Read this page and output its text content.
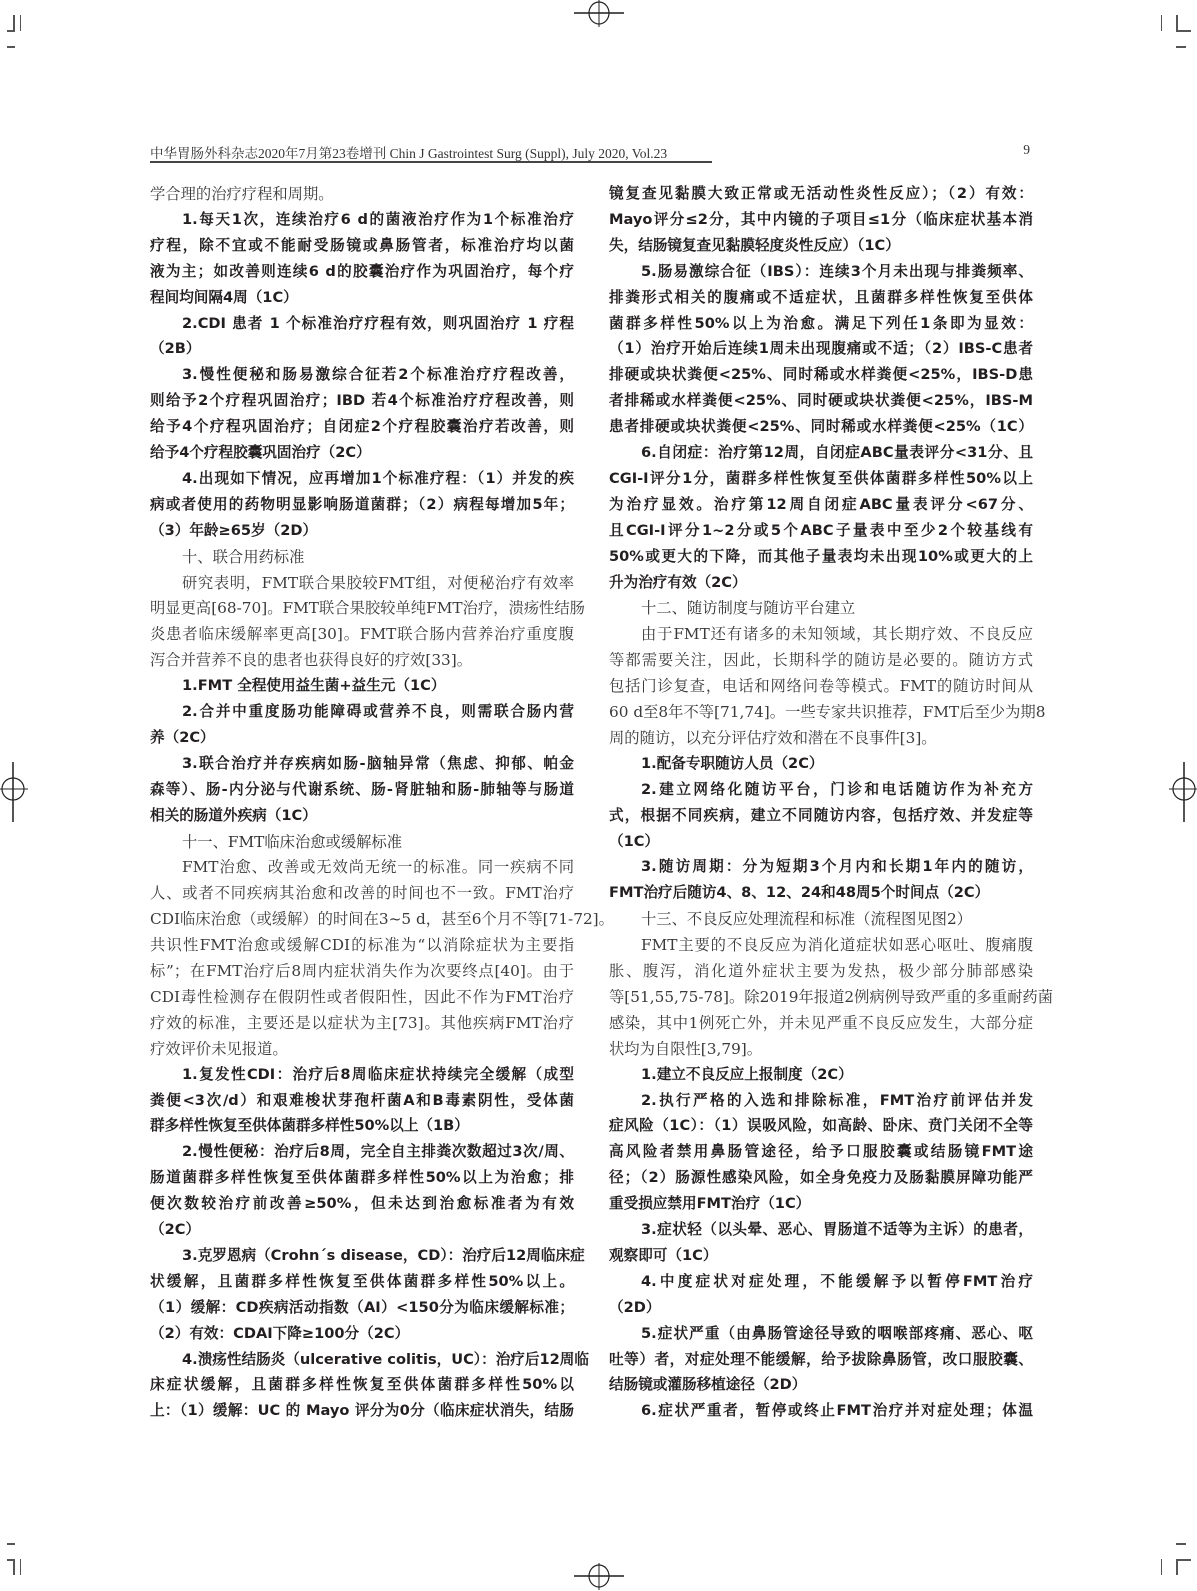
中华胃肠外科杂志2020年7月第23卷增刊 Chin J Gastrointest Surg (Suppl), July 2020, Vol.23	9
学合理的治疗疗程和周期。
1.每天1次，连续治疗6 d的菌液治疗作为1个标准治疗
疗程，除不宜或不能耐受肠镜或鼻肠管者，标准治疗均以菌
液为主；如改善则连续6 d的胶囊治疗作为巩固治疗，每个疗
程间均间隔4周（1C）
2.CDI 患者 1 个标准治疗疗程有效，则巩固治疗 1 疗程
（2B）
3.慢性便秘和肠易激综合征若2个标准治疗疗程改善，
则给予2个疗程巩固治疗；IBD 若4个标准治疗疗程改善，则
给予4个疗程巩固治疗；自闭症2个疗程胶囊治疗若改善，则
给予4个疗程胶囊巩固治疗（2C）
4.出现如下情况，应再增加1个标准疗程：（1）并发的疾
病或者使用的药物明显影响肠道菌群；（2）病程每增加5年；
（3）年龄≥65岁（2D）
十、联合用药标准
研究表明，FMT联合果胶较FMT组，对便秘治疗有效率
明显更高[68-70]。FMT联合果胶较单纯FMT治疗，溃疡性结肠
炎患者临床缓解率更高[30]。FMT联合肠内营养治疗重度腹
泻合并营养不良的患者也获得良好的疗效[33]。
1.FMT 全程使用益生菌+益生元（1C）
2.合并中重度肠功能障碍或营养不良，则需联合肠内营
养（2C）
3.联合治疗并存疾病如肠-脑轴异常（焦虑、抑郁、帕金
森等）、肠-内分泌与代谢系统、肠-肾脏轴和肠-肺轴等与肠道
相关的肠道外疾病（1C）
十一、FMT临床治愈或缓解标准
FMT治愈、改善或无效尚无统一的标准。同一疾病不同
人、或者不同疾病其治愈和改善的时间也不一致。FMT治疗
CDI临床治愈（或缓解）的时间在3~5 d，甚至6个月不等[71-72]。
共识性FMT治愈或缓解CDI的标准为“以消除症状为主要指
标”；在FMT治疗后8周内症状消失作为次要终点[40]。由于
CDI毒性检测存在假阴性或者假阳性，因此不作为FMT治疗
疗效的标准，主要还是以症状为主[73]。其他疾病FMT治疗
疗效评价未见报道。
1.复发性CDI：治疗后8周临床症状持续完全缓解（成型
粪便<3次/d）和艰难梭状芽孢杆菌A和B毒素阴性，受体菌
群多样性恢复至供体菌群多样性50%以上（1B）
2.慢性便秘：治疗后8周，完全自主排粪次数超过3次/周、
肠道菌群多样性恢复至供体菌群多样性50%以上为治愈；排
便次数较治疗前改善≥50%，但未达到治愈标准者为有效
（2C）
3.克罗恩病（Crohn´s disease，CD）：治疗后12周临床症
状缓解，且菌群多样性恢复至供体菌群多样性50%以上。
（1）缓解：CD疾病活动指数（AI）<150分为临床缓解标准；
（2）有效：CDAI下降≥100分（2C）
4.溃疡性结肠炎（ulcerative colitis，UC）：治疗后12周临
床症状缓解，且菌群多样性恢复至供体菌群多样性50%以
上：（1）缓解：UC 的 Mayo 评分为0分（临床症状消失，结肠
镜复查见黏膜大致正常或无活动性炎性反应）；（2）有效：
Mayo评分≤2分，其中内镜的子项目≤1分（临床症状基本消
失，结肠镜复查见黏膜轻度炎性反应）（1C）
5.肠易激综合征（IBS）：连续3个月未出现与排粪频率、
排粪形式相关的腹痛或不适症状，且菌群多样性恢复至供体
菌群多样性50%以上为治愈。满足下列任1条即为显效：
（1）治疗开始后连续1周未出现腹痛或不适；（2）IBS-C患者
排硬或块状粪便<25%、同时稀或水样粪便<25%，IBS-D患
者排稀或水样粪便<25%、同时硬或块状粪便<25%，IBS-M
患者排硬或块状粪便<25%、同时稀或水样粪便<25%（1C）
6.自闭症：治疗第12周，自闭症ABC量表评分<31分、且
CGI-I评分1分，菌群多样性恢复至供体菌群多样性50%以上
为治疗显效。治疗第12周自闭症ABC量表评分<67分、
且CGI-I评分1~2分或5个ABC子量表中至少2个较基线有
50%或更大的下降，而其他子量表均未出现10%或更大的上
升为治疗有效（2C）
十二、随访制度与随访平台建立
由于FMT还有诸多的未知领域，其长期疗效、不良反应
等都需要关注，因此，长期科学的随访是必要的。随访方式
包括门诊复查，电话和网络问卷等模式。FMT的随访时间从
60 d至8年不等[71,74]。一些专家共识推荐，FMT后至少为期8
周的随访，以充分评估疗效和潜在不良事件[3]。
1.配备专职随访人员（2C）
2.建立网络化随访平台，门诊和电话随访作为补充方
式，根据不同疾病，建立不同随访内容，包括疗效、并发症等
（1C）
3.随访周期：分为短期3个月内和长期1年内的随访，
FMT治疗后随访4、8、12、24和48周5个时间点（2C）
十三、不良反应处理流程和标准（流程图见图2）
FMT主要的不良反应为消化道症状如恶心呕吐、腹痛腹
胀、腹泻，消化道外症状主要为发热，极少部分肺部感染
等[51,55,75-78]。除2019年报道2例病例导致严重的多重耐药菌
感染，其中1例死亡外，并未见严重不良反应发生，大部分症
状均为自限性[3,79]。
1.建立不良反应上报制度（2C）
2.执行严格的入选和排除标准，FMT治疗前评估并发
症风险（1C）：（1）误吸风险，如高龄、卧床、贲门关闭不全等
高风险者禁用鼻肠管途径，给予口服胶囊或结肠镜FMT途
径；（2）肠源性感染风险，如全身免疫力及肠黏膜屏障功能严
重受损应禁用FMT治疗（1C）
3.症状轻（以头晕、恶心、胃肠道不适等为主诉）的患者，
观察即可（1C）
4.中度症状对症处理，不能缓解予以暂停FMT治疗
（2D）
5.症状严重（由鼻肠管途径导致的咽喉部疼痛、恶心、呕
吐等）者，对症处理不能缓解，给予拔除鼻肠管，改口服胶囊、
结肠镜或灌肠移植途径（2D）
6.症状严重者，暂停或终止FMT治疗并对症处理；体温
